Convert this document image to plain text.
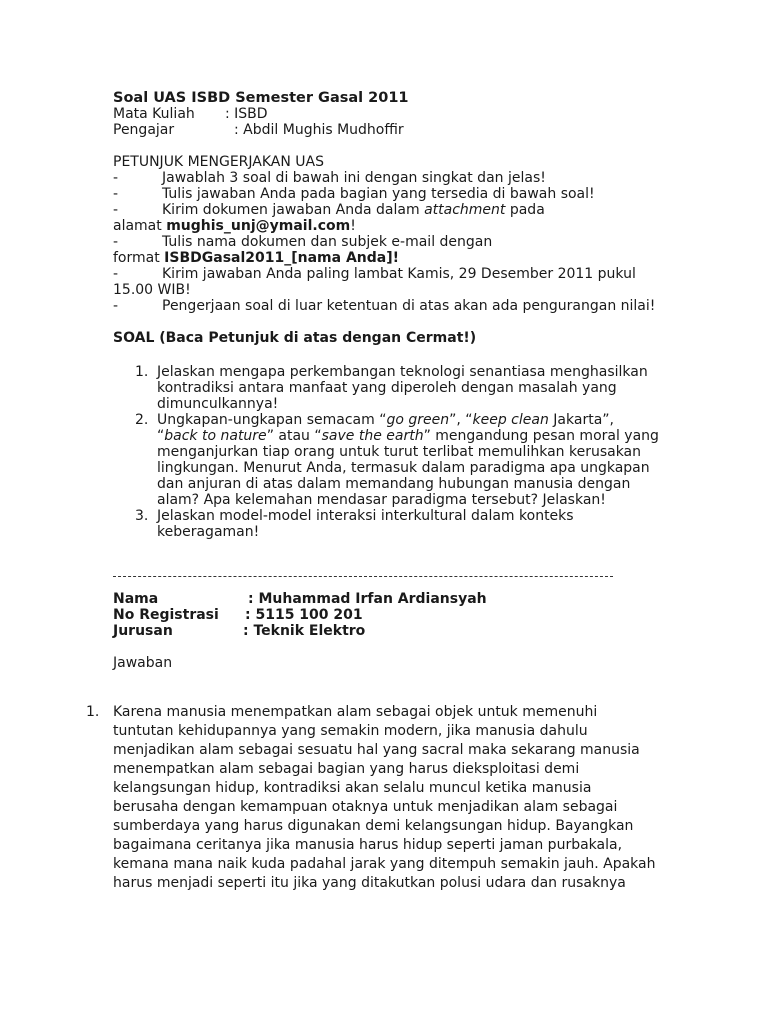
Soal UAS ISBD Semester Gasal 2011
Mata Kuliah : ISBD
Pengajar	: Abdil Mughis Mudhoffir
PETUNJUK MENGERJAKAN UAS
-	Jawablah 3 soal di bawah ini dengan singkat dan jelas!
-	Tulis jawaban Anda pada bagian yang tersedia di bawah soal!
-	Kirim dokumen jawaban Anda dalam attachment pada
alamat mughis_unj@ymail.com!
-	Tulis nama dokumen dan subjek e-mail dengan
format ISBDGasal2011_[nama Anda]!
-	Kirim jawaban Anda paling lambat Kamis, 29 Desember 2011 pukul
15.00 WIB!
-	Pengerjaan soal di luar ketentuan di atas akan ada pengurangan nilai!
SOAL (Baca Petunjuk di atas dengan Cermat!)
1. Jelaskan mengapa perkembangan teknologi senantiasa menghasilkan
kontradiksi antara manfaat yang diperoleh dengan masalah yang
dimunculkannya!
2. Ungkapan-ungkapan semacam “go green”, “keep clean Jakarta”,
“back to nature” atau “save the earth” mengandung pesan moral yang
menganjurkan tiap orang untuk turut terlibat memulihkan kerusakan
lingkungan. Menurut Anda, termasuk dalam paradigma apa ungkapan
dan anjuran di atas dalam memandang hubungan manusia dengan
alam? Apa kelemahan mendasar paradigma tersebut? Jelaskan!
3. Jelaskan model-model interaksi interkultural dalam konteks
keberagaman!
Nama	: Muhammad Irfan Ardiansyah
No Registrasi : 5115 100 201
Jurusan	: Teknik Elektro
Jawaban
1. Karena manusia menempatkan alam sebagai objek untuk memenuhi
tuntutan kehidupannya yang semakin modern, jika manusia dahulu
menjadikan alam sebagai sesuatu hal yang sacral maka sekarang manusia
menempatkan alam sebagai bagian yang harus dieksploitasi demi
kelangsungan hidup, kontradiksi akan selalu muncul ketika manusia
berusaha dengan kemampuan otaknya untuk menjadikan alam sebagai
sumberdaya yang harus digunakan demi kelangsungan hidup. Bayangkan
bagaimana ceritanya jika manusia harus hidup seperti jaman purbakala,
kemana mana naik kuda padahal jarak yang ditempuh semakin jauh. Apakah
harus menjadi seperti itu jika yang ditakutkan polusi udara dan rusaknya
